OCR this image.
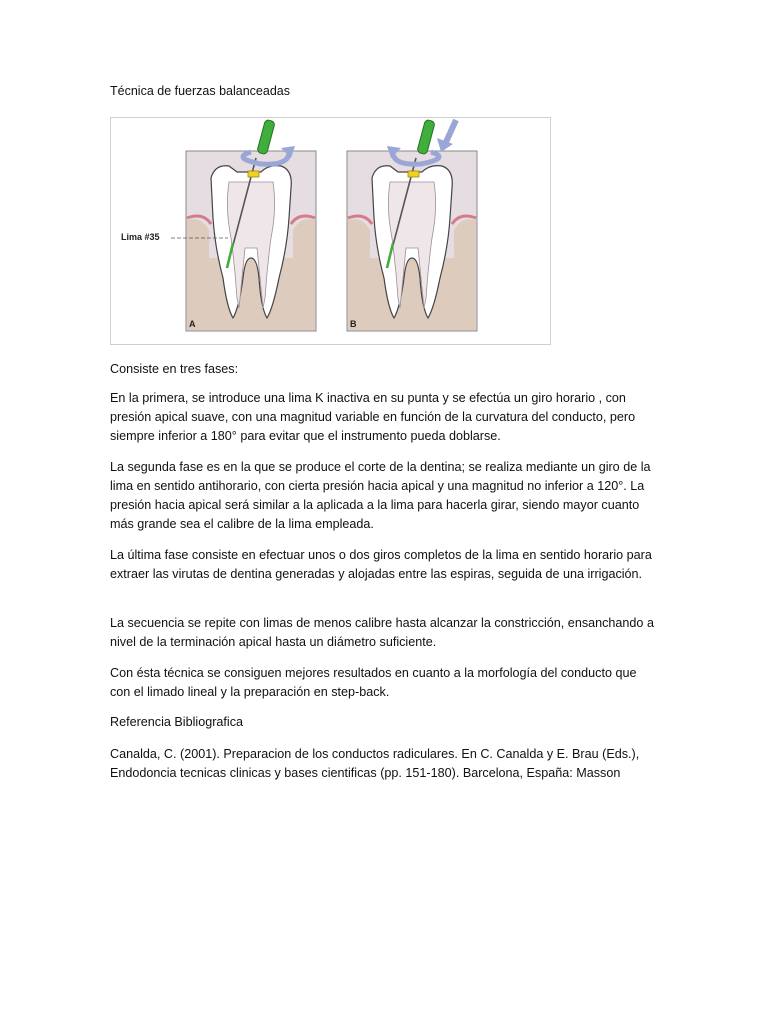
Técnica de fuerzas balanceadas
Lima #35
A	B

Consiste en tres fases:

En la primera, se introduce una lima K inactiva en su punta y se efectúa un giro horario , con presión apical suave, con una magnitud variable en función de la curvatura del conducto, pero siempre inferior a 180° para evitar que el instrumento pueda doblarse.

La segunda fase es en la que se produce el corte de la dentina; se realiza mediante un giro de la lima en sentido antihorario, con cierta presión hacia apical y una magnitud no inferior a 120°. La presión hacia apical será similar a la aplicada a la lima para hacerla girar, siendo mayor cuanto más grande sea el calibre de la lima empleada.

La última fase consiste en efectuar unos o dos giros completos de la lima en sentido horario para extraer las virutas de dentina generadas y alojadas entre las espiras, seguida de una irrigación.

La secuencia se repite con limas de menos calibre hasta alcanzar la constricción, ensanchando a nivel de la terminación apical hasta un diámetro suficiente.

Con ésta técnica se consiguen mejores resultados en cuanto a la morfología del conducto que con el limado lineal y la preparación en step-back.

Referencia Bibliografica

Canalda, C. (2001). Preparacion de los conductos radiculares. En C. Canalda y E. Brau (Eds.), Endodoncia tecnicas clinicas y bases cientificas (pp. 151-180). Barcelona, España: Masson
